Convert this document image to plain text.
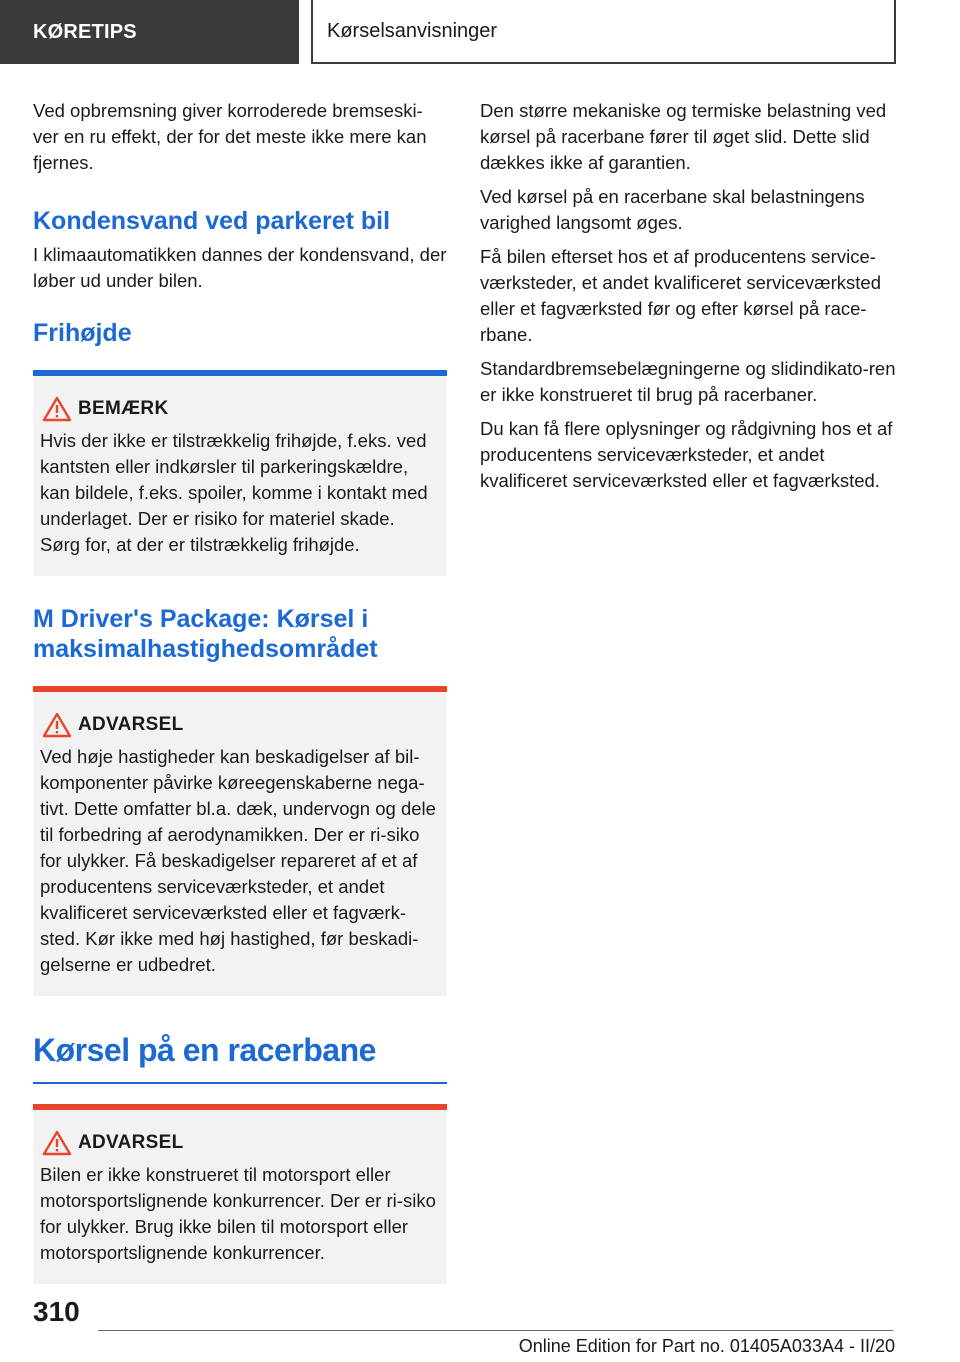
KØRETIPS	Kørselsanvisninger

Ved opbremsning giver korroderede bremseski-ver en ru effekt, der for det meste ikke mere kan fjernes.

Kondensvand ved parkeret bil

I klimaautomatikken dannes der kondensvand, der løber ud under bilen.

Frihøjde
BEMÆRK

Hvis der ikke er tilstrækkelig frihøjde, f.eks. ved kantsten eller indkørsler til parkeringskældre, kan bildele, f.eks. spoiler, komme i kontakt med underlaget. Der er risiko for materiel skade. Sørg for, at der er tilstrækkelig frihøjde.

M Driver's Package: Kørsel i maksimalhastighedsområdet
ADVARSEL

Ved høje hastigheder kan beskadigelser af bil-komponenter påvirke køreegenskaberne nega-tivt. Dette omfatter bl.a. dæk, undervogn og dele til forbedring af aerodynamikken. Der er ri-siko for ulykker. Få beskadigelser repareret af et af producentens serviceværksteder, et andet kvalificeret serviceværksted eller et fagværk-sted. Kør ikke med høj hastighed, før beskadi-gelserne er udbedret.

Kørsel på en racerbane
ADVARSEL

Bilen er ikke konstrueret til motorsport eller motorsportslignende konkurrencer. Der er ri-siko for ulykker. Brug ikke bilen til motorsport eller motorsportslignende konkurrencer.

Den større mekaniske og termiske belastning ved kørsel på racerbane fører til øget slid. Dette slid dækkes ikke af garantien.

Ved kørsel på en racerbane skal belastningens varighed langsomt øges.

Få bilen efterset hos et af producentens service-værksteder, et andet kvalificeret serviceværksted eller et fagværksted før og efter kørsel på race-rbane.

Standardbremsebelægningerne og slidindikato-ren er ikke konstrueret til brug på racerbaner.

Du kan få flere oplysninger og rådgivning hos et af producentens serviceværksteder, et andet kvalificeret serviceværksted eller et fagværksted.

310
Online Edition for Part no. 01405A033A4 - II/20
